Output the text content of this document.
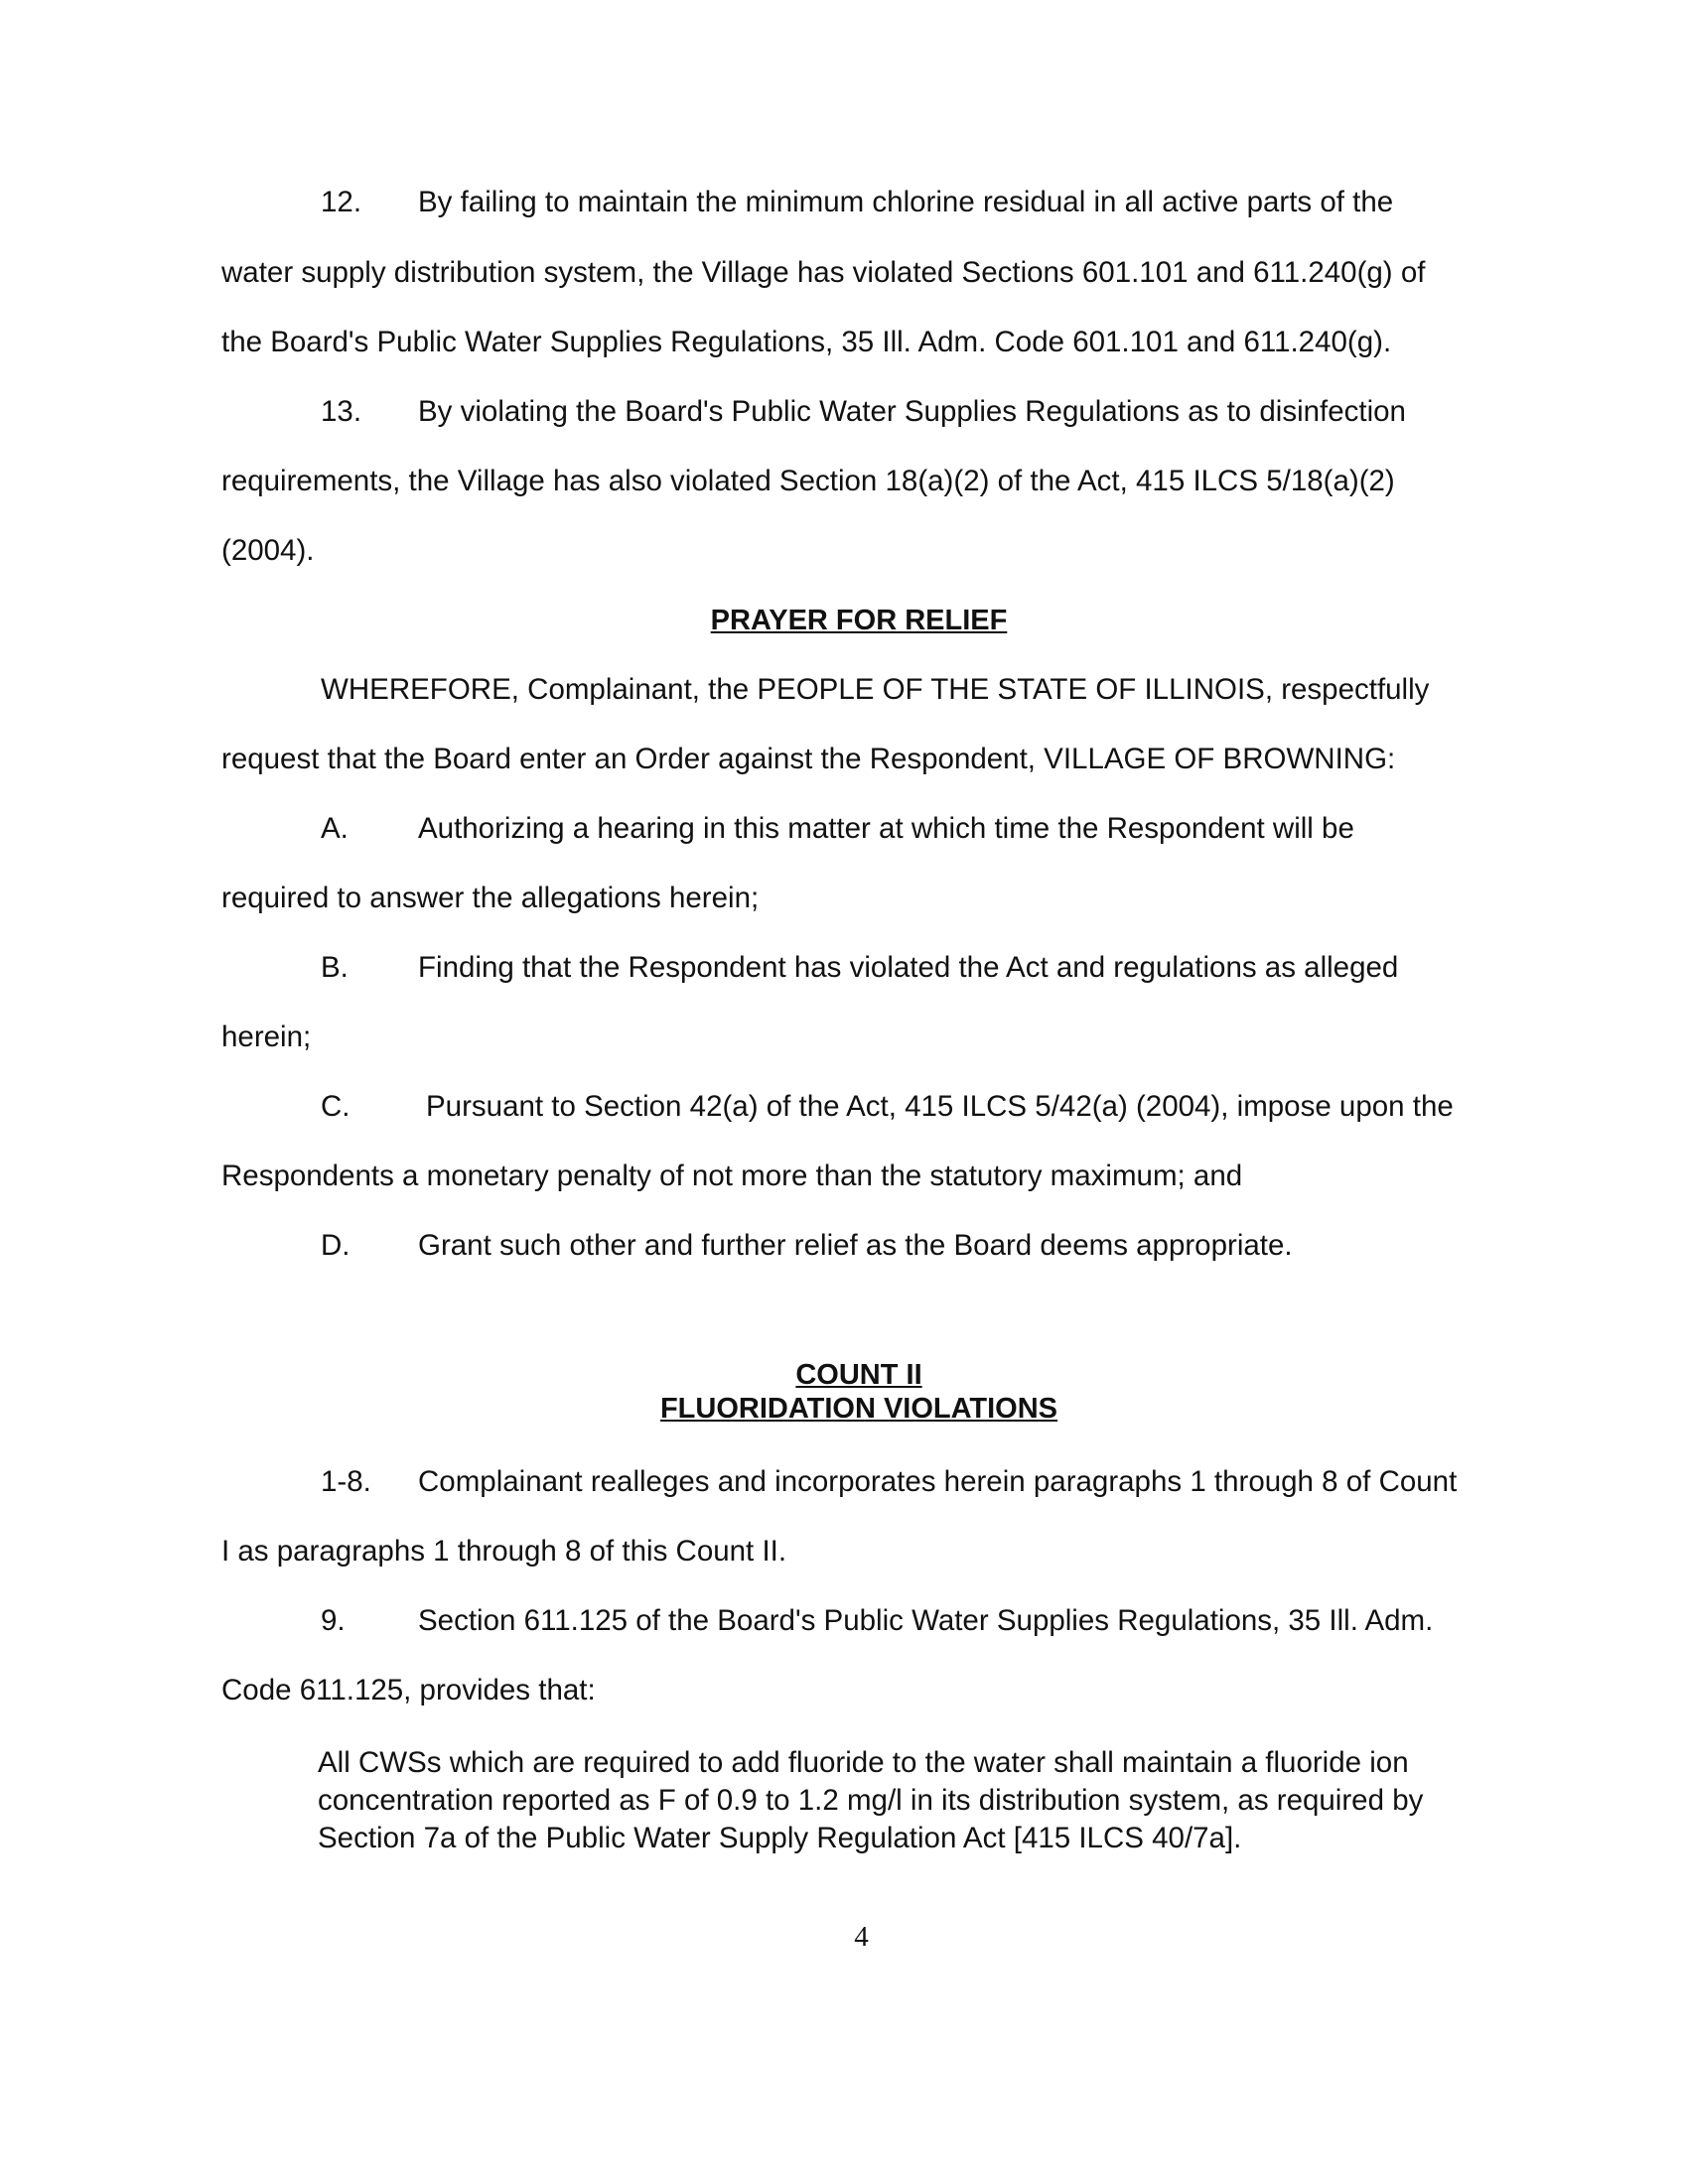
12. By failing to maintain the minimum chlorine residual in all active parts of the
water supply distribution system, the Village has violated Sections 601.101 and 611.240(g) of
the Board's Public Water Supplies Regulations, 35 Ill. Adm. Code 601.101 and 611.240(g).
13. By violating the Board's Public Water Supplies Regulations as to disinfection
requirements, the Village has also violated Section 18(a)(2) of the Act, 415 ILCS 5/18(a)(2)
(2004).
PRAYER FOR RELIEF
WHEREFORE, Complainant, the PEOPLE OF THE STATE OF ILLINOIS, respectfully
request that the Board enter an Order against the Respondent, VILLAGE OF BROWNING:
A. Authorizing a hearing in this matter at which time the Respondent will be
required to answer the allegations herein;
B. Finding that the Respondent has violated the Act and regulations as alleged
herein;
C.	Pursuant to Section 42(a) of the Act, 415 ILCS 5/42(a) (2004), impose upon the
Respondents a monetary penalty of not more than the statutory maximum; and
D. Grant such other and further relief as the Board deems appropriate.
COUNT II
FLUORIDATION VIOLATIONS
1-8. Complainant realleges and incorporates herein paragraphs 1 through 8 of Count
I as paragraphs 1 through 8 of this Count II.
9. Section 611.125 of the Board's Public Water Supplies Regulations, 35 Ill. Adm.
Code 611.125, provides that:
All CWSs which are required to add fluoride to the water shall maintain a fluoride ion
concentration reported as F of 0.9 to 1.2 mg/l in its distribution system, as required by
Section 7a of the Public Water Supply Regulation Act [415 ILCS 40/7a].
4
